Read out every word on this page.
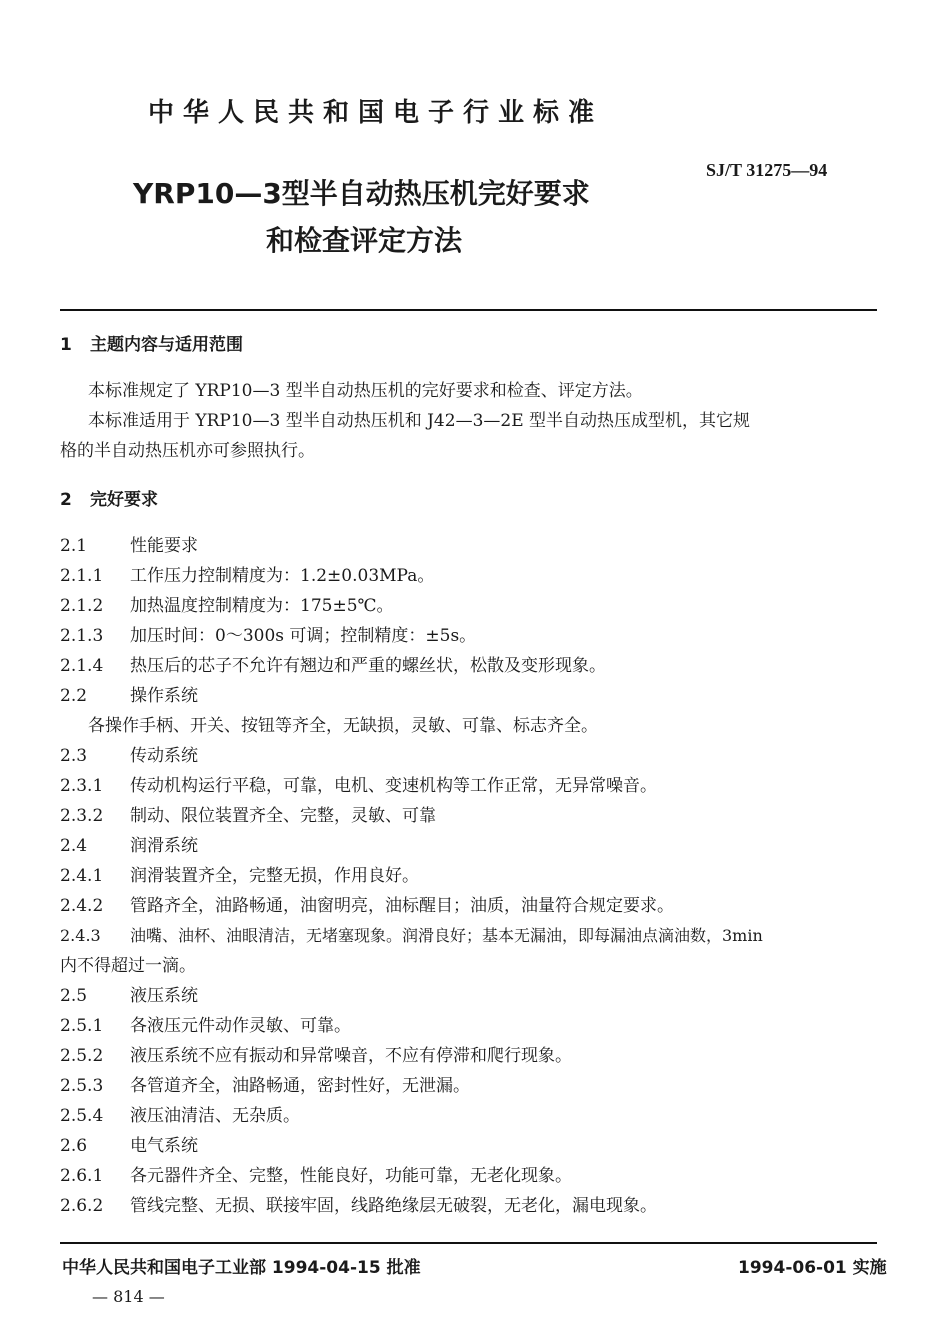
中华人民共和国电子行业标准
SJ/T 31275—94
YRP10—3型半自动热压机完好要求
和检查评定方法
1 主题内容与适用范围
本标准规定了 YRP10—3 型半自动热压机的完好要求和检查、评定方法。
本标准适用于 YRP10—3 型半自动热压机和 J42—3—2E 型半自动热压成型机，其它规
格的半自动热压机亦可参照执行。
2 完好要求
2.1	性能要求
2.1.1 工作压力控制精度为：1.2±0.03MPa。
2.1.2 加热温度控制精度为：175±5℃。
2.1.3 加压时间：0～300s 可调；控制精度：±5s。
2.1.4 热压后的芯子不允许有翘边和严重的螺丝状，松散及变形现象。
2.2	操作系统
各操作手柄、开关、按钮等齐全，无缺损，灵敏、可靠、标志齐全。
2.3	传动系统
2.3.1 传动机构运行平稳，可靠，电机、变速机构等工作正常，无异常噪音。
2.3.2 制动、限位装置齐全、完整，灵敏、可靠
2.4	润滑系统
2.4.1 润滑装置齐全，完整无损，作用良好。
2.4.2 管路齐全，油路畅通，油窗明亮，油标醒目；油质，油量符合规定要求。
2.4.3 油嘴、油杯、油眼清洁，无堵塞现象。润滑良好；基本无漏油，即每漏油点滴油数，3min
内不得超过一滴。
2.5	液压系统
2.5.1 各液压元件动作灵敏、可靠。
2.5.2 液压系统不应有振动和异常噪音，不应有停滞和爬行现象。
2.5.3 各管道齐全，油路畅通，密封性好，无泄漏。
2.5.4 液压油清洁、无杂质。
2.6	电气系统
2.6.1 各元器件齐全、完整，性能良好，功能可靠，无老化现象。
2.6.2 管线完整、无损、联接牢固，线路绝缘层无破裂，无老化，漏电现象。
中华人民共和国电子工业部 1994-04-15 批准	1994-06-01 实施
— 814 —
